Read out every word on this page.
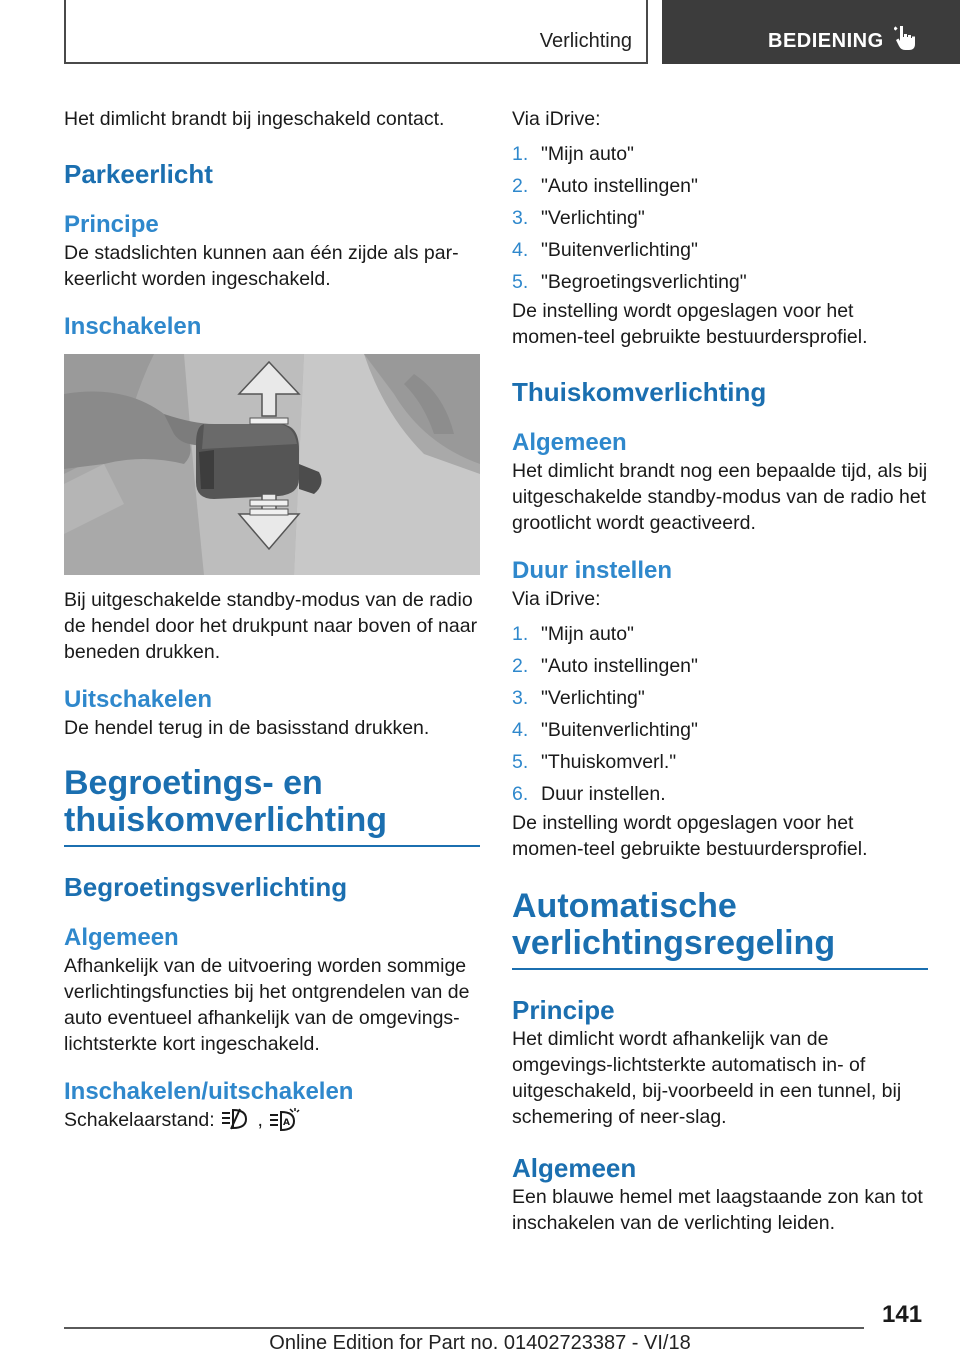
Verlichting	BEDIENING

Het dimlicht brandt bij ingeschakeld contact.

Parkeerlicht
Principe

De stadslichten kunnen aan één zijde als par-keerlicht worden ingeschakeld.

Inschakelen

Bij uitgeschakelde standby-modus van de radio de hendel door het drukpunt naar boven of naar beneden drukken.

Uitschakelen

De hendel terug in de basisstand drukken.

Begroetings- en
thuiskomverlichting
Begroetingsverlichting
Algemeen

Afhankelijk van de uitvoering worden sommige verlichtingsfuncties bij het ontgrendelen van de auto eventueel afhankelijk van de omgevings-lichtsterkte kort ingeschakeld.

Inschakelen/uitschakelen

Schakelaarstand: , A

Via iDrive:

1. "Mijn auto"
2. "Auto instellingen"
3. "Verlichting"
4. "Buitenverlichting"
5. "Begroetingsverlichting"

De instelling wordt opgeslagen voor het momen-teel gebruikte bestuurdersprofiel.

Thuiskomverlichting
Algemeen

Het dimlicht brandt nog een bepaalde tijd, als bij uitgeschakelde standby-modus van de radio het grootlicht wordt geactiveerd.

Duur instellen

Via iDrive:

1. "Mijn auto"
2. "Auto instellingen"
3. "Verlichting"
4. "Buitenverlichting"
5. "Thuiskomverl."
6. Duur instellen.

De instelling wordt opgeslagen voor het momen-teel gebruikte bestuurdersprofiel.

Automatische
verlichtingsregeling
Principe

Het dimlicht wordt afhankelijk van de omgevings-lichtsterkte automatisch in- of uitgeschakeld, bij-voorbeeld in een tunnel, bij schemering of neer-slag.

Algemeen

Een blauwe hemel met laagstaande zon kan tot inschakelen van de verlichting leiden.

141
Online Edition for Part no. 01402723387 - VI/18
